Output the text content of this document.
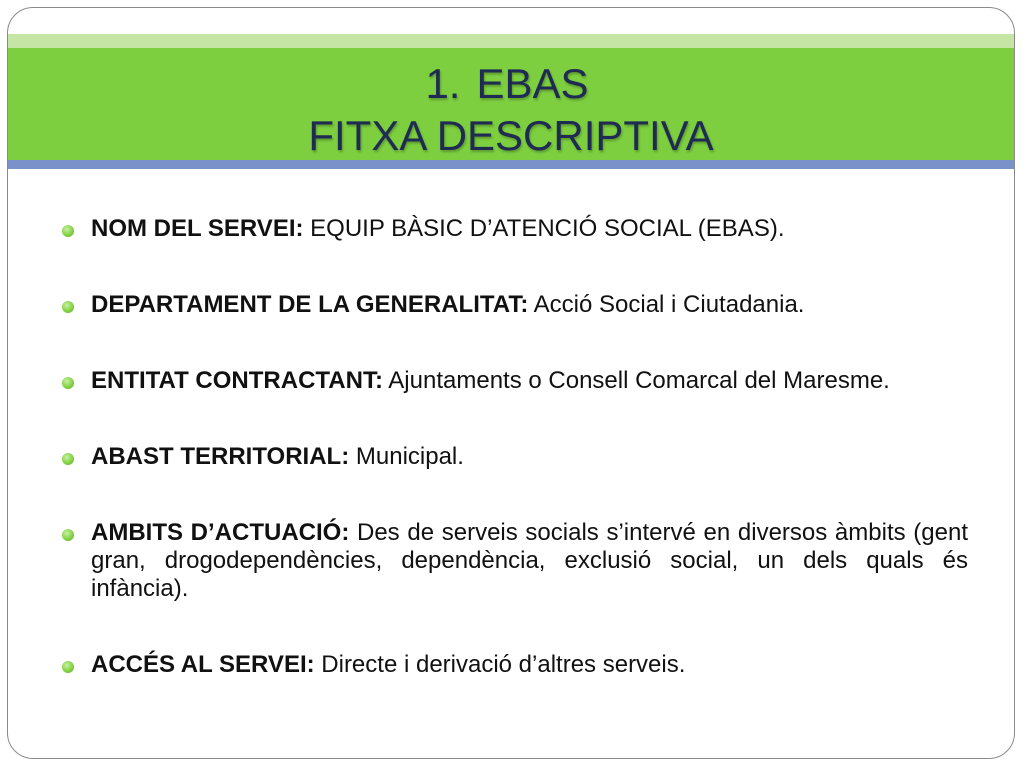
1. EBAS
FITXA DESCRIPTIVA
NOM DEL SERVEI: EQUIP BÀSIC D’ATENCIÓ SOCIAL (EBAS).
DEPARTAMENT DE LA GENERALITAT: Acció Social i Ciutadania.
ENTITAT CONTRACTANT: Ajuntaments o Consell Comarcal del Maresme.
ABAST TERRITORIAL: Municipal.
AMBITS D’ACTUACIÓ: Des de serveis socials s’intervé en diversos àmbits (gent gran, drogodependències, dependència, exclusió social, un dels quals és infància).
ACCÉS AL SERVEI: Directe i derivació d’altres serveis.
